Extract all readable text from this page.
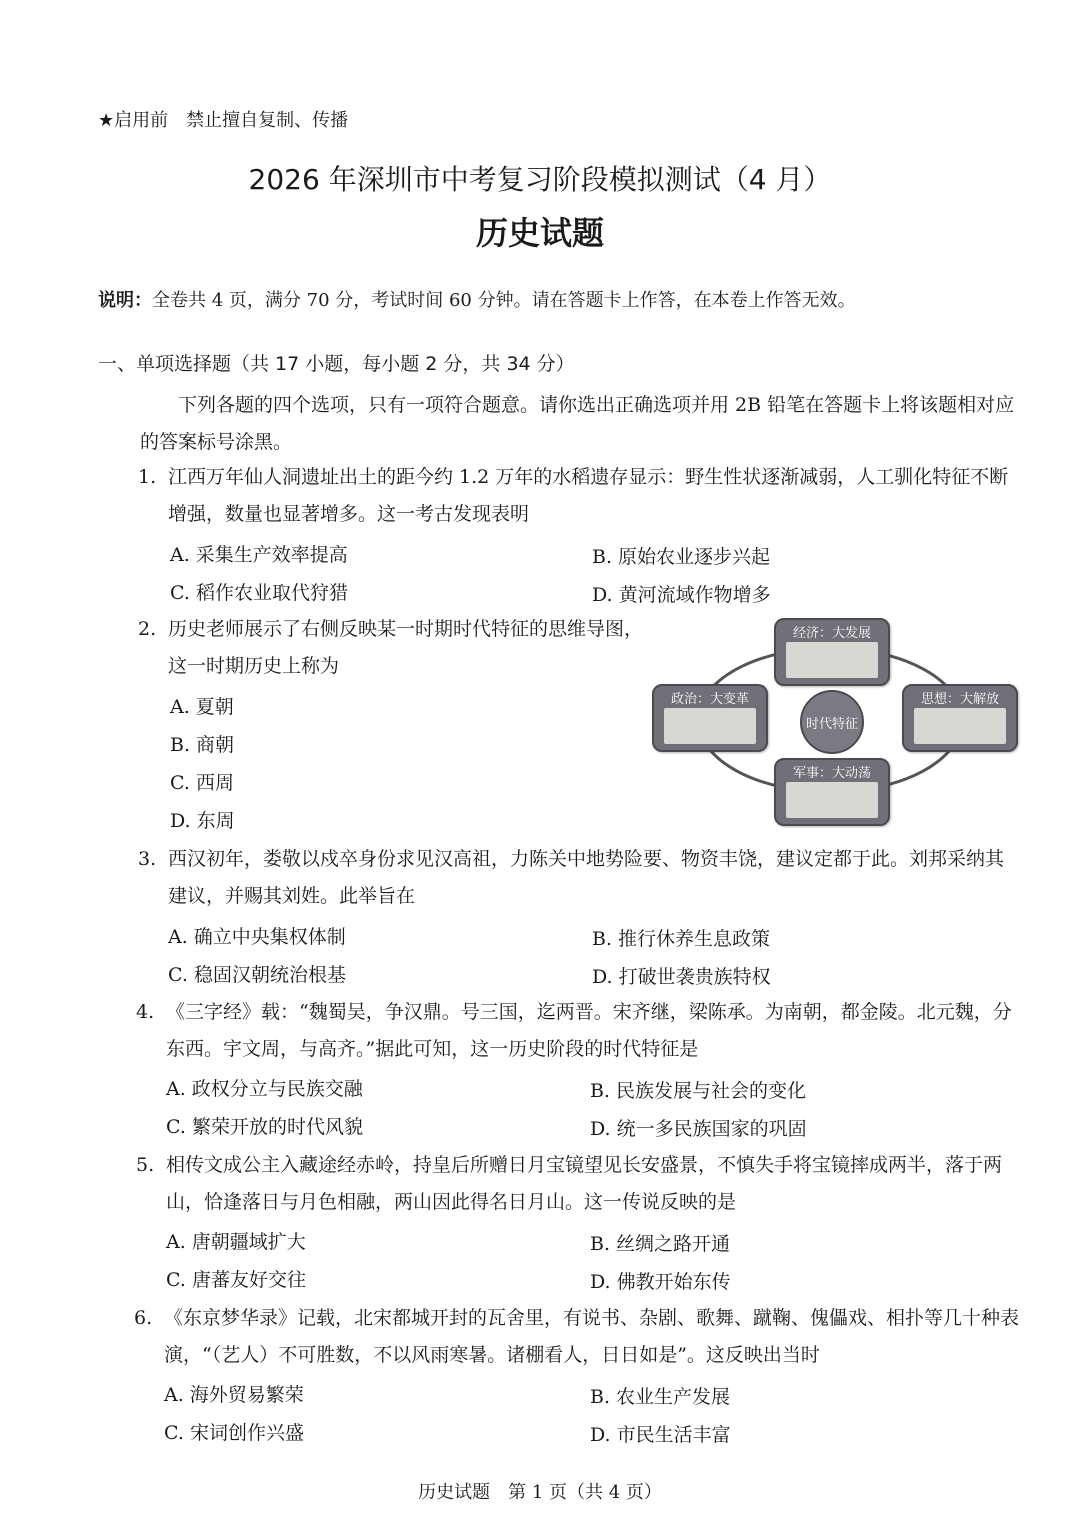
★启用前　禁止擅自复制、传播
2026 年深圳市中考复习阶段模拟测试（4 月）
历史试题
说明：全卷共 4 页，满分 70 分，考试时间 60 分钟。请在答题卡上作答，在本卷上作答无效。
一、单项选择题（共 17 小题，每小题 2 分，共 34 分）
下列各题的四个选项，只有一项符合题意。请你选出正确选项并用 2B 铅笔在答题卡上将该题相对应的答案标号涂黑。
1. 江西万年仙人洞遗址出土的距今约 1.2 万年的水稻遗存显示：野生性状逐渐减弱，人工驯化特征不断增强，数量也显著增多。这一考古发现表明
A. 采集生产效率提高	B. 原始农业逐步兴起
C. 稻作农业取代狩猎	D. 黄河流域作物增多
2. 历史老师展示了右侧反映某一时期时代特征的思维导图，这一时期历史上称为
A. 夏朝
B. 商朝
C. 西周
D. 东周
经济：大发展
政治：大变革	思想：大解放
军事：大动荡
时代特征
3. 西汉初年，娄敬以戍卒身份求见汉高祖，力陈关中地势险要、物资丰饶，建议定都于此。刘邦采纳其建议，并赐其刘姓。此举旨在
A. 确立中央集权体制	B. 推行休养生息政策
C. 稳固汉朝统治根基	D. 打破世袭贵族特权
4. 《三字经》载：“魏蜀吴，争汉鼎。号三国，迄两晋。宋齐继，梁陈承。为南朝，都金陵。北元魏，分东西。宇文周，与高齐。”据此可知，这一历史阶段的时代特征是
A. 政权分立与民族交融	B. 民族发展与社会的变化
C. 繁荣开放的时代风貌	D. 统一多民族国家的巩固
5. 相传文成公主入藏途经赤岭，持皇后所赠日月宝镜望见长安盛景，不慎失手将宝镜摔成两半，落于两山，恰逢落日与月色相融，两山因此得名日月山。这一传说反映的是
A. 唐朝疆域扩大	B. 丝绸之路开通
C. 唐蕃友好交往	D. 佛教开始东传
6. 《东京梦华录》记载，北宋都城开封的瓦舍里，有说书、杂剧、歌舞、蹴鞠、傀儡戏、相扑等几十种表演，“（艺人）不可胜数，不以风雨寒暑。诸棚看人，日日如是”。这反映出当时
A. 海外贸易繁荣	B. 农业生产发展
C. 宋词创作兴盛	D. 市民生活丰富
历史试题　第 1 页（共 4 页）
